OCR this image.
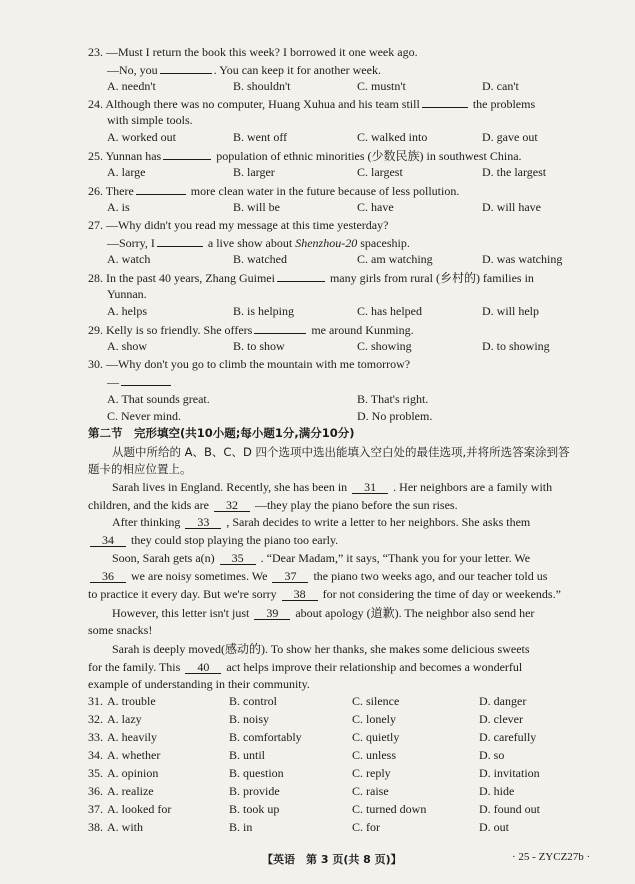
23. —Must I return the book this week? I borrowed it one week ago.
—No, you	. You can keep it for another week.
A. needn't	B. shouldn't	C. mustn't	D. can't
24. Although there was no computer, Huang Xuhua and his team still	the problems
with simple tools.
A. worked out	B. went off	C. walked into	D. gave out
25. Yunnan has	population of ethnic minorities (少数民族) in southwest China.
A. large	B. larger	C. largest	D. the largest
26. There	more clean water in the future because of less pollution.
A. is	B. will be	C. have	D. will have
27. —Why didn't you read my message at this time yesterday?
—Sorry, I	a live show about Shenzhou-20 spaceship.
A. watch	B. watched	C. am watching	D. was watching
28. In the past 40 years, Zhang Guimei	many girls from rural (乡村的) families in
Yunnan.
A. helps	B. is helping	C. has helped	D. will help
29. Kelly is so friendly. She offers	me around Kunming.
A. show	B. to show	C. showing	D. to showing
30. —Why don't you go to climb the mountain with me tomorrow?
—
A. That sounds great.	B. That's right.
C. Never mind.	D. No problem.
第二节　完形填空(共10小题;每小题1分,满分10分)
从题中所给的 A、B、C、D 四个选项中选出能填入空白处的最佳选项,并将所选答案涂到答
题卡的相应位置上。
Sarah lives in England. Recently, she has been in 31 . Her neighbors are a family with
children, and the kids are 32 —they play the piano before the sun rises.
After thinking 33 , Sarah decides to write a letter to her neighbors. She asks them
34 they could stop playing the piano too early.
Soon, Sarah gets a(n) 35 . “Dear Madam,” it says, “Thank you for your letter. We
36 we are noisy sometimes. We 37 the piano two weeks ago, and our teacher told us
to practice it every day. But we're sorry 38 for not considering the time of day or weekends.”
However, this letter isn't just 39 about apology (道歉). The neighbor also send her
some snacks!
Sarah is deeply moved(感动的). To show her thanks, she makes some delicious sweets
for the family. This 40 act helps improve their relationship and becomes a wonderful
example of understanding in their community.
31. A. trouble	B. control	C. silence	D. danger
32. A. lazy	B. noisy	C. lonely	D. clever
33. A. heavily	B. comfortably	C. quietly	D. carefully
34. A. whether	B. until	C. unless	D. so
35. A. opinion	B. question	C. reply	D. invitation
36. A. realize	B. provide	C. raise	D. hide
37. A. looked for	B. took up	C. turned down	D. found out
38. A. with	B. in	C. for	D. out
【英语　第 3 页(共 8 页)】	· 25 - ZYCZ27b ·
